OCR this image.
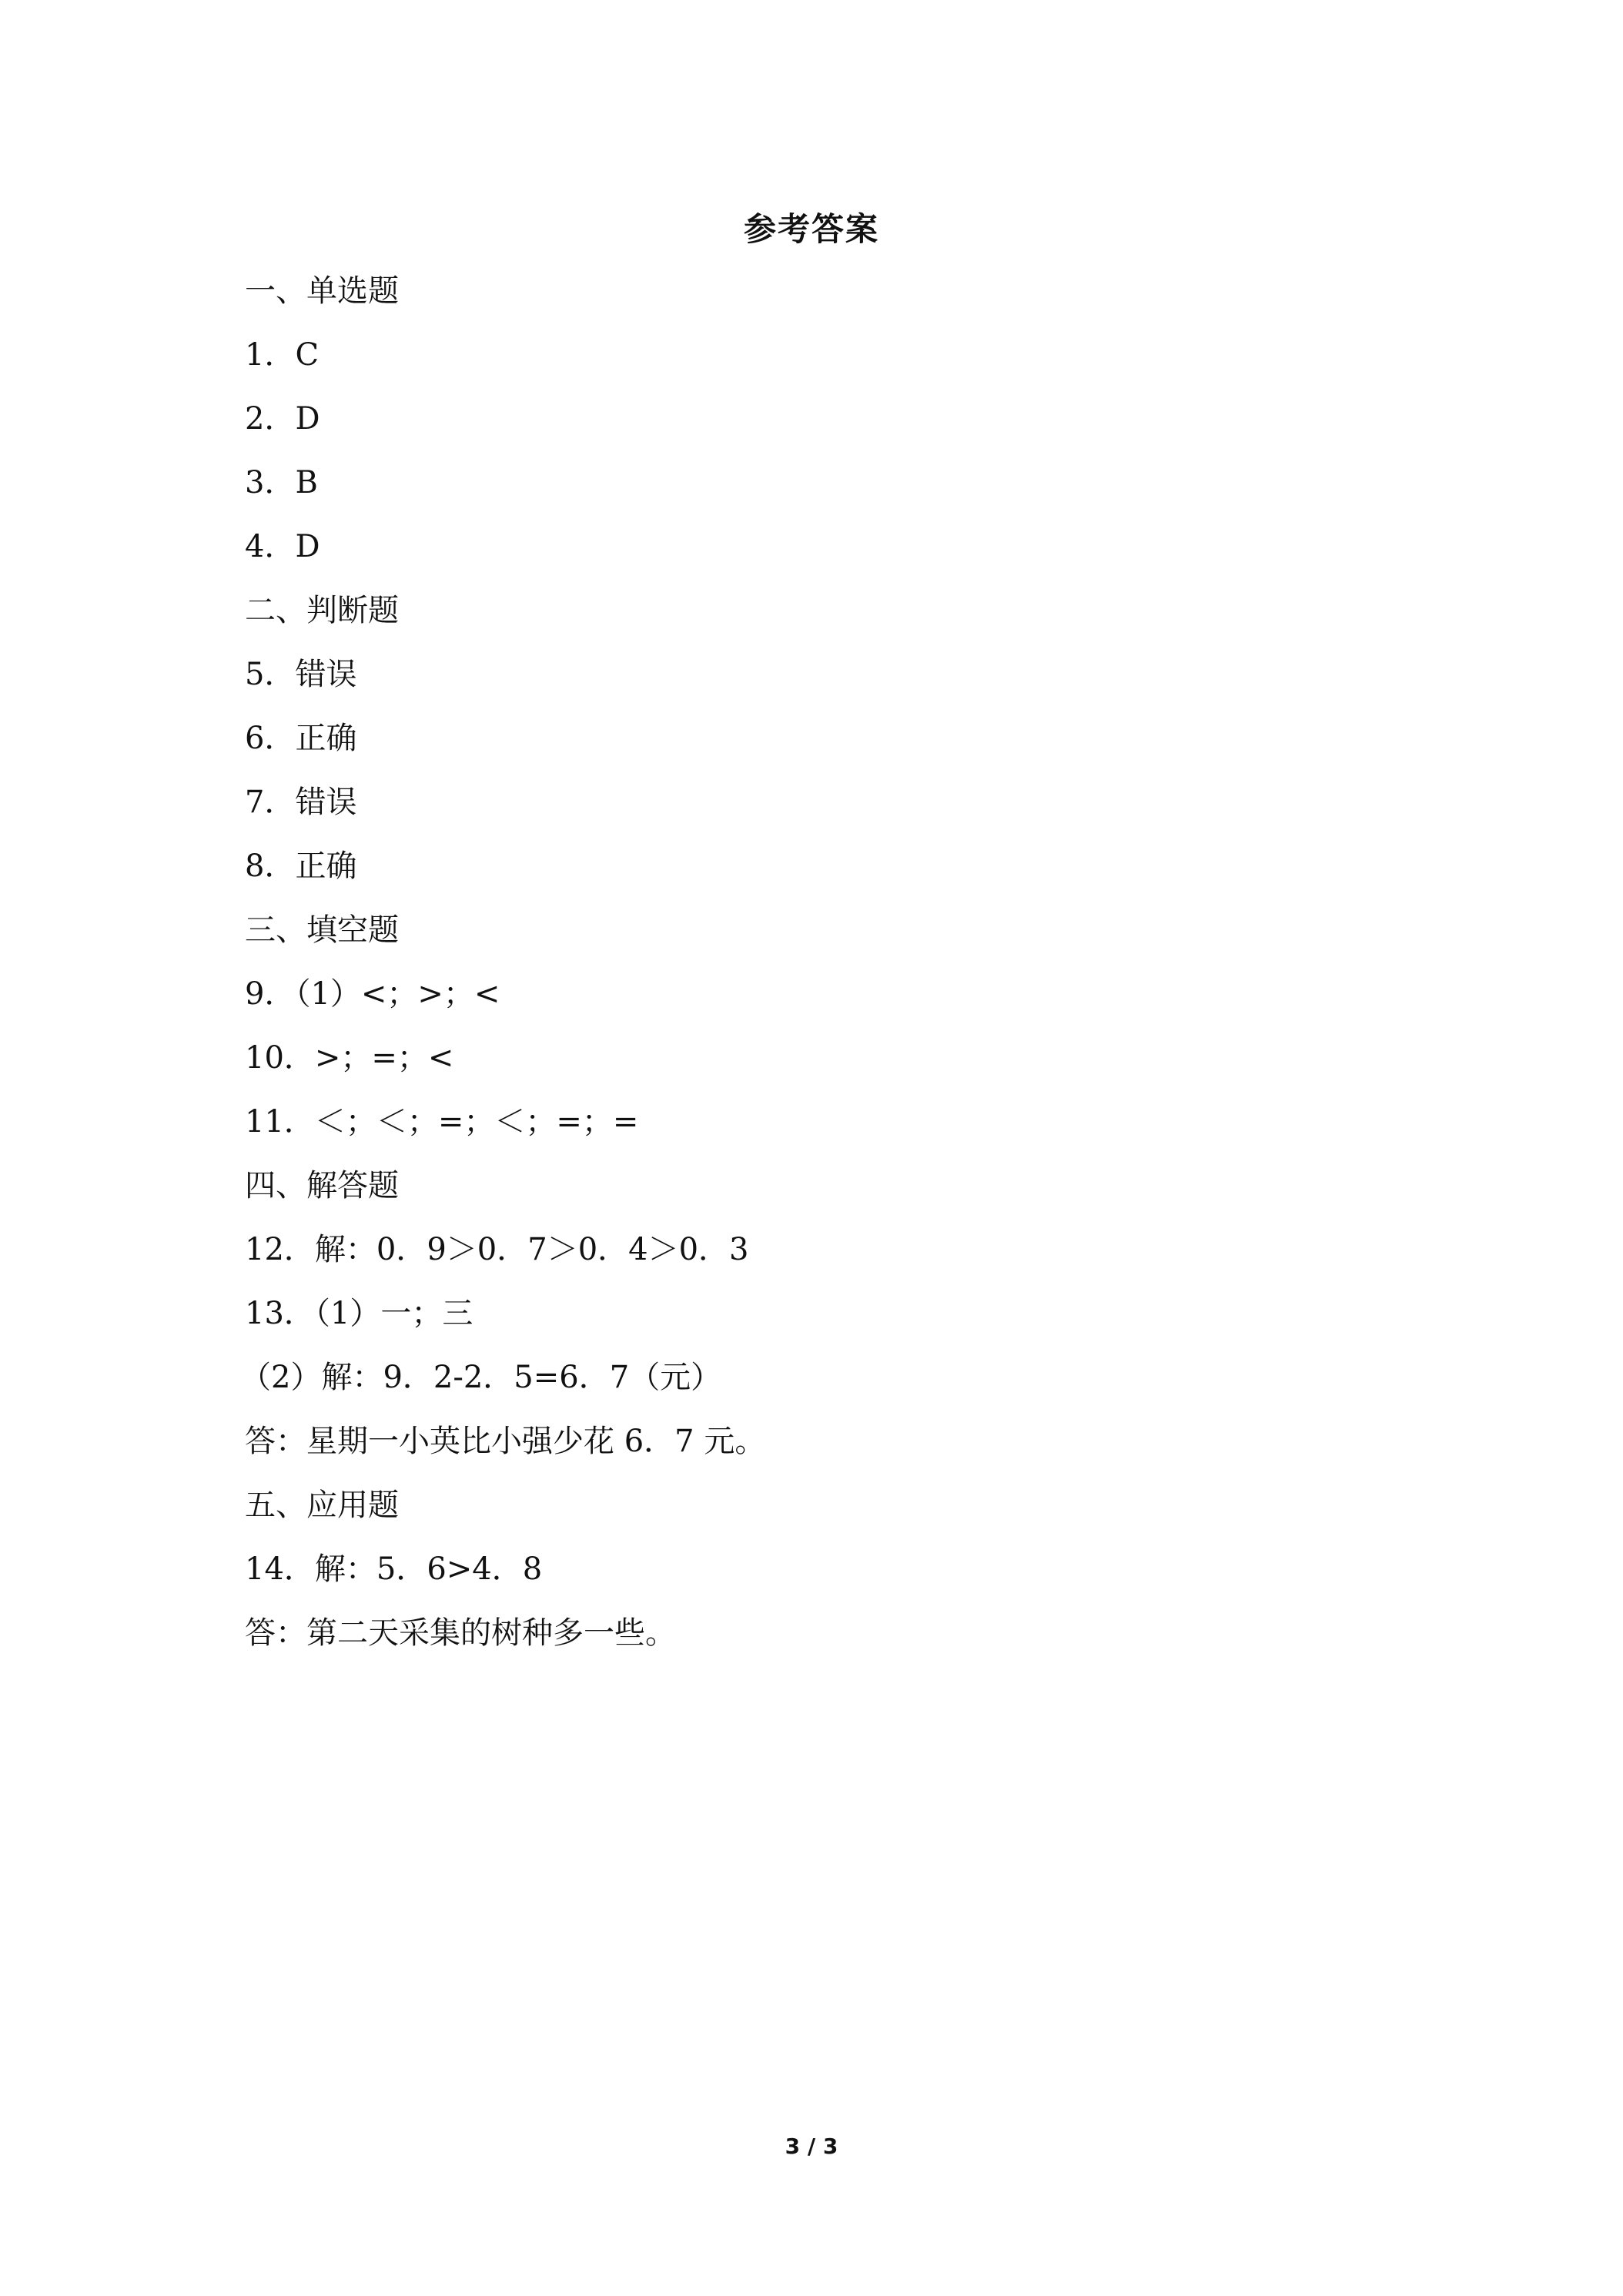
参考答案
一、单选题
1．C
2．D
3．B
4．D
二、判断题
5．错误
6．正确
7．错误
8．正确
三、填空题
9．（1）<；>；<
10．>；=；<
11．＜；＜；=；＜；=；=
四、解答题
12．解：0．9＞0．7＞0．4＞0．3
13．（1）一；三
（2）解：9．2-2．5=6．7（元）
答：星期一小英比小强少花 6．7 元。
五、应用题
14．解：5．6>4．8
答：第二天采集的树种多一些。
3 / 3
